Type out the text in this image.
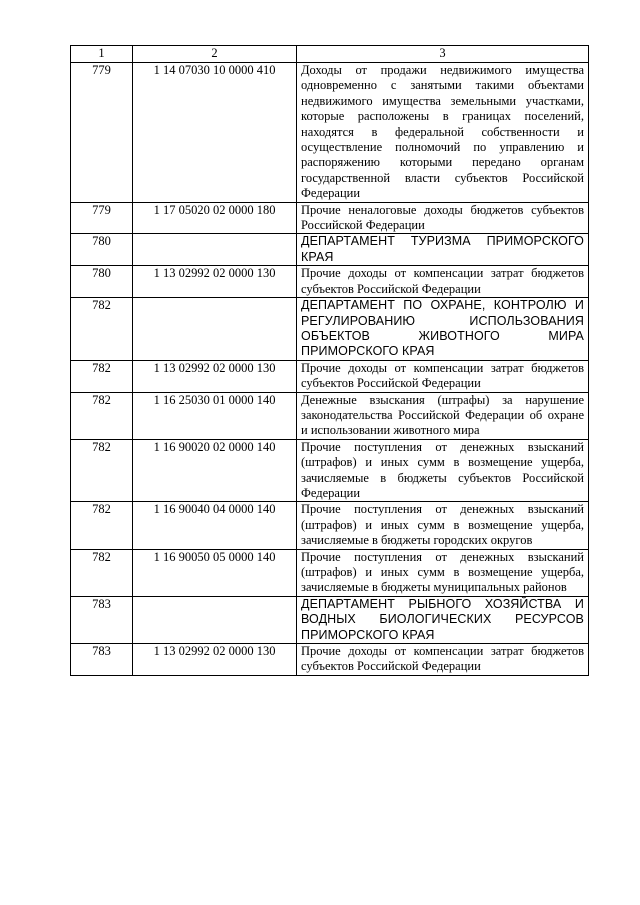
1	2	3
779	1 14 07030 10 0000 410	Доходы от продажи недвижимого имущества одновременно с занятыми такими объектами недвижимого имущества земельными участками, которые расположены в границах поселений, находятся в федеральной собственности и осуществление полномочий по управлению и распоряжению которыми передано органам государственной власти субъектов Российской Федерации
779	1 17 05020 02 0000 180	Прочие неналоговые доходы бюджетов субъектов Российской Федерации
780		ДЕПАРТАМЕНТ ТУРИЗМА ПРИМОРСКОГО КРАЯ
780	1 13 02992 02 0000 130	Прочие доходы от компенсации затрат бюджетов субъектов Российской Федерации
782		ДЕПАРТАМЕНТ ПО ОХРАНЕ, КОНТРОЛЮ И РЕГУЛИРОВАНИЮ ИСПОЛЬЗОВАНИЯ ОБЪЕКТОВ ЖИВОТНОГО МИРА ПРИМОРСКОГО КРАЯ
782	1 13 02992 02 0000 130	Прочие доходы от компенсации затрат бюджетов субъектов Российской Федерации
782	1 16 25030 01 0000 140	Денежные взыскания (штрафы) за нарушение законодательства Российской Федерации об охране и использовании животного мира
782	1 16 90020 02 0000 140	Прочие поступления от денежных взысканий (штрафов) и иных сумм в возмещение ущерба, зачисляемые в бюджеты субъектов Российской Федерации
782	1 16 90040 04 0000 140	Прочие поступления от денежных взысканий (штрафов) и иных сумм в возмещение ущерба, зачисляемые в бюджеты городских округов
782	1 16 90050 05 0000 140	Прочие поступления от денежных взысканий (штрафов) и иных сумм в возмещение ущерба, зачисляемые в бюджеты муниципальных районов
783		ДЕПАРТАМЕНТ РЫБНОГО ХОЗЯЙСТВА И ВОДНЫХ БИОЛОГИЧЕСКИХ РЕСУРСОВ ПРИМОРСКОГО КРАЯ
783	1 13 02992 02 0000 130	Прочие доходы от компенсации затрат бюджетов субъектов Российской Федерации
